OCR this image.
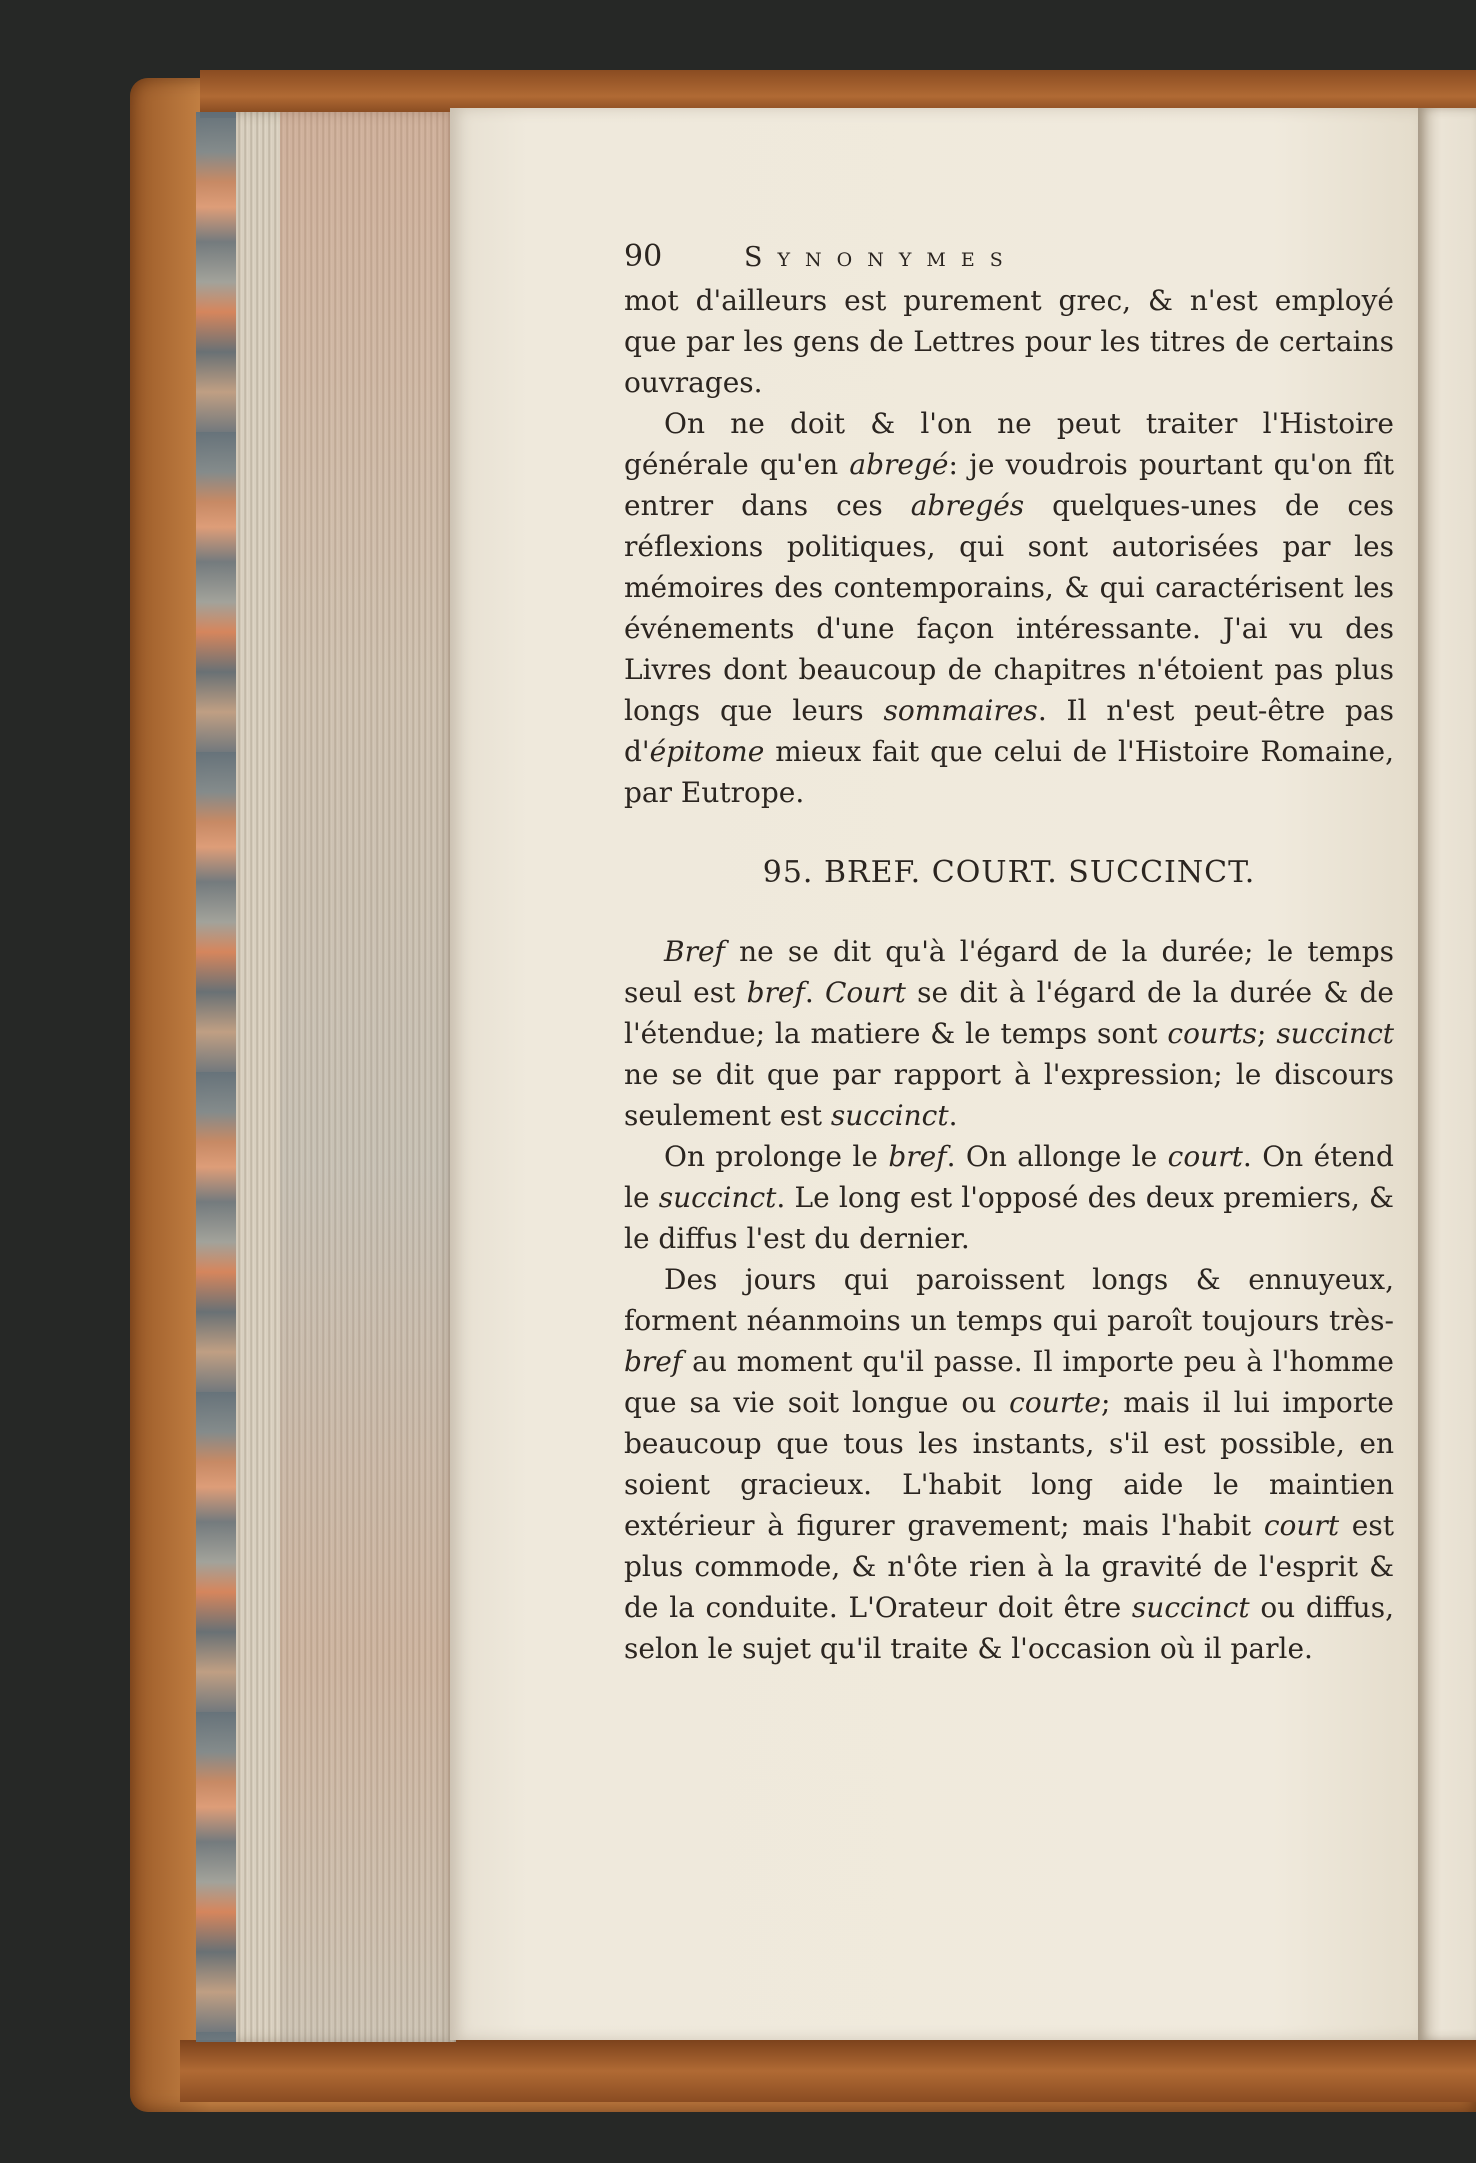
90	Synonymes

mot d'ailleurs est purement grec, & n'est employé que par les gens de Lettres pour les titres de certains ouvrages.

On ne doit & l'on ne peut traiter l'Histoire générale qu'en abregé: je voudrois pourtant qu'on fît entrer dans ces abregés quelques-unes de ces réflexions politiques, qui sont autorisées par les mémoires des contemporains, & qui caractérisent les événements d'une façon intéressante. J'ai vu des Livres dont beaucoup de chapitres n'étoient pas plus longs que leurs sommaires. Il n'est peut-être pas d'épitome mieux fait que celui de l'Histoire Romaine, par Eutrope.

95. BREF. COURT. SUCCINCT.

Bref ne se dit qu'à l'égard de la durée; le temps seul est bref. Court se dit à l'égard de la durée & de l'étendue; la matiere & le temps sont courts; succinct ne se dit que par rapport à l'expression; le discours seulement est succinct.

On prolonge le bref. On allonge le court. On étend le succinct. Le long est l'opposé des deux premiers, & le diffus l'est du dernier.

Des jours qui paroissent longs & ennuyeux, forment néanmoins un temps qui paroît toujours très-bref au moment qu'il passe. Il importe peu à l'homme que sa vie soit longue ou courte; mais il lui importe beaucoup que tous les instants, s'il est possible, en soient gracieux. L'habit long aide le maintien extérieur à figurer gravement; mais l'habit court est plus commode, & n'ôte rien à la gravité de l'esprit & de la conduite. L'Orateur doit être succinct ou diffus, selon le sujet qu'il traite & l'occasion où il parle.
